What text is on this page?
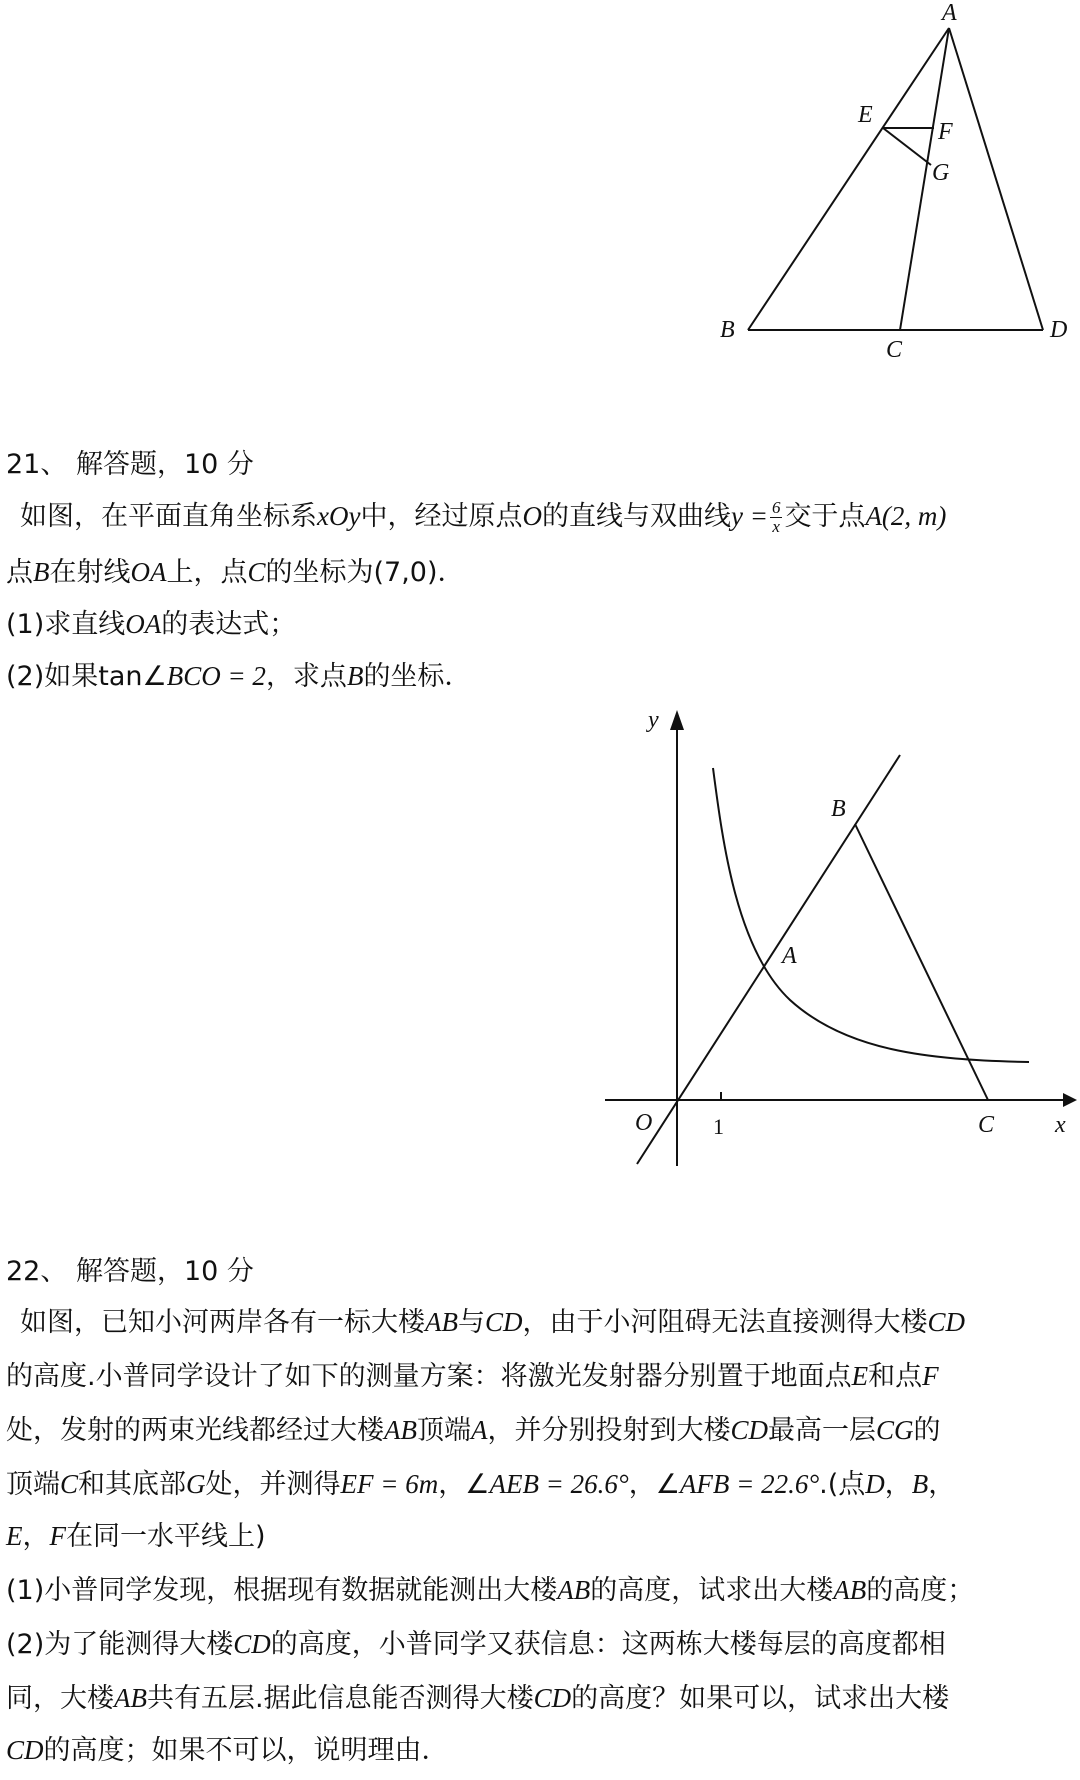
A
E
F
G
B
C
D
21、 解答题，10 分
如图，在平面直角坐标系xOy中，经过原点O的直线与双曲线$y = \frac{6}{x}$ 交于点A(2, m)
点B在射线OA上，点C的坐标为(7,0)．
(1)求直线OA的表达式；
(2)如果tan∠BCO = 2，求点B的坐标．
y
x
O	1
B
A
C
22、 解答题，10 分
如图，已知小河两岸各有一标大楼AB与CD，由于小河阻碍无法直接测得大楼CD
的高度.小普同学设计了如下的测量方案：将激光发射器分别置于地面点E和点F
处，发射的两束光线都经过大楼AB顶端A，并分别投射到大楼CD最高一层CG的
顶端C和其底部G处，并测得EF = 6m，∠AEB = 26.6°，∠AFB = 22.6°.(点D，B，
E，F在同一水平线上)
(1)小普同学发现，根据现有数据就能测出大楼AB的高度，试求出大楼AB的高度；
(2)为了能测得大楼CD的高度，小普同学又获信息：这两栋大楼每层的高度都相
同，大楼AB共有五层.据此信息能否测得大楼CD的高度？如果可以，试求出大楼
CD的高度；如果不可以，说明理由．
